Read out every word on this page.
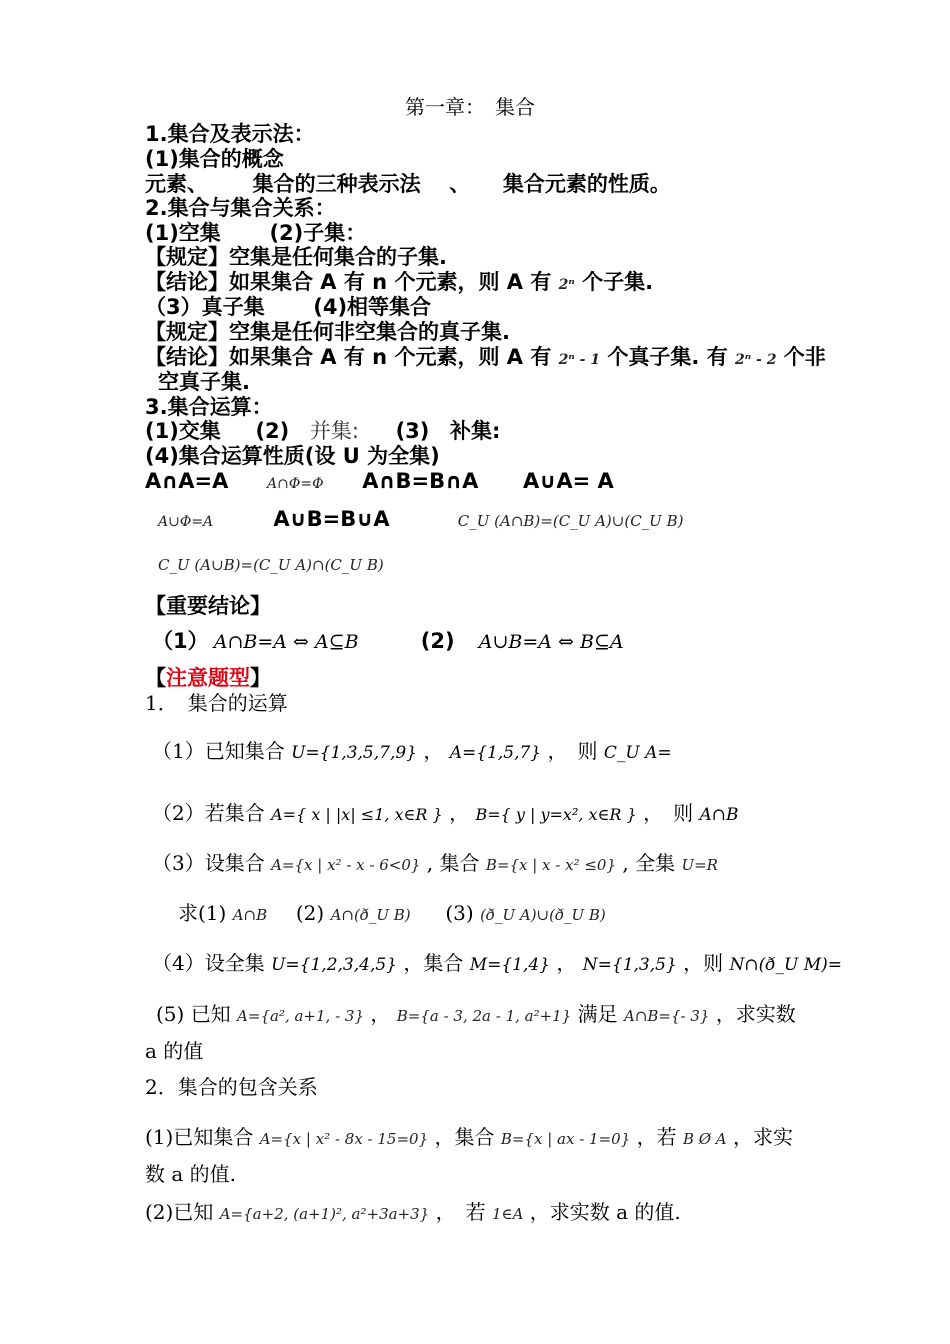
第一章：　集合
1.集合及表示法：
(1)集合的概念
元素、 集合的三种表示法 、 集合元素的性质。
2.集合与集合关系：
(1)空集 (2)子集：
【规定】空集是任何集合的子集.
【结论】如果集合 A 有 n 个元素，则 A 有 2ⁿ 个子集.
（3）真子集 (4)相等集合
【规定】空集是任何非空集合的真子集.
【结论】如果集合 A 有 n 个元素，则 A 有 2ⁿ - 1 个真子集. 有 2ⁿ - 2 个非
空真子集.
3.集合运算：
(1)交集 (2) 并集: (3) 补集:
(4)集合运算性质(设 U 为全集)
A∩A=A	A∩Φ=Φ A∩B=B∩A A∪A= A
A∪Φ=A	A∪B=B∪A	C_U (A∩B)=(C_U A)∪(C_U B)
C_U (A∪B)=(C_U A)∩(C_U B)
【重要结论】
（1） A∩B=A ⇔ A⊆B	(2) A∪B=A ⇔ B⊆A
【注意题型】
1．　集合的运算
（1）已知集合 U={1,3,5,7,9} ， A={1,5,7} ，　则 C_U A=
（2）若集合 A={ x | |x| ≤1, x∈R } ， B={ y | y=x², x∈R } ，　则 A∩B
（3）设集合 A={x | x² - x - 6<0} , 集合 B={x | x - x² ≤0} , 全集 U=R
求(1) A∩B (2) A∩(ð_U B) (3) (ð_U A)∪(ð_U B)
（4）设全集 U={1,2,3,4,5} ，集合 M={1,4} ， N={1,3,5} ，则 N∩(ð_U M)=
(5) 已知 A={a², a+1, - 3} ， B={a - 3, 2a - 1, a²+1} 满足 A∩B={- 3} ，求实数
a 的值
2．集合的包含关系
(1)已知集合 A={x | x² - 8x - 15=0} ，集合 B={x | ax - 1=0} ，若 B Ø A ，求实
数 a 的值.
(2)已知 A={a+2, (a+1)², a²+3a+3} ，　若 1∈A ，求实数 a 的值.
